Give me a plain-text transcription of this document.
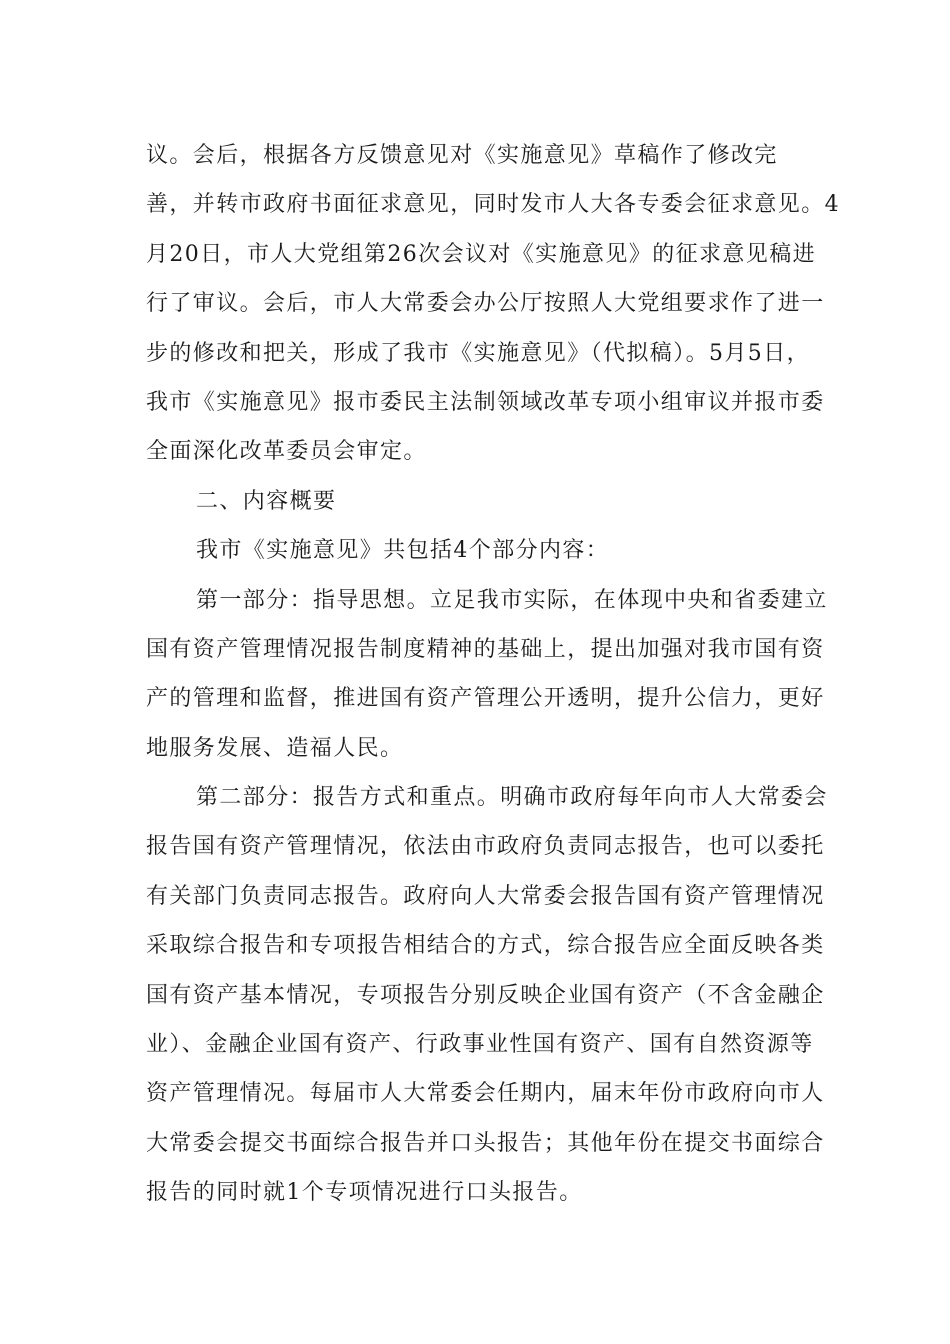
议。会后，根据各方反馈意见对《实施意见》草稿作了修改完
善，并转市政府书面征求意见，同时发市人大各专委会征求意见。4
月20日，市人大党组第26次会议对《实施意见》的征求意见稿进
行了审议。会后，市人大常委会办公厅按照人大党组要求作了进一
步的修改和把关，形成了我市《实施意见》（代拟稿）。5月5日，
我市《实施意见》报市委民主法制领域改革专项小组审议并报市委
全面深化改革委员会审定。
二、内容概要
我市《实施意见》共包括4个部分内容：
第一部分：指导思想。立足我市实际，在体现中央和省委建立
国有资产管理情况报告制度精神的基础上，提出加强对我市国有资
产的管理和监督，推进国有资产管理公开透明，提升公信力，更好
地服务发展、造福人民。
第二部分：报告方式和重点。明确市政府每年向市人大常委会
报告国有资产管理情况，依法由市政府负责同志报告，也可以委托
有关部门负责同志报告。政府向人大常委会报告国有资产管理情况
采取综合报告和专项报告相结合的方式，综合报告应全面反映各类
国有资产基本情况，专项报告分别反映企业国有资产（不含金融企
业）、金融企业国有资产、行政事业性国有资产、国有自然资源等
资产管理情况。每届市人大常委会任期内，届末年份市政府向市人
大常委会提交书面综合报告并口头报告；其他年份在提交书面综合
报告的同时就1个专项情况进行口头报告。
